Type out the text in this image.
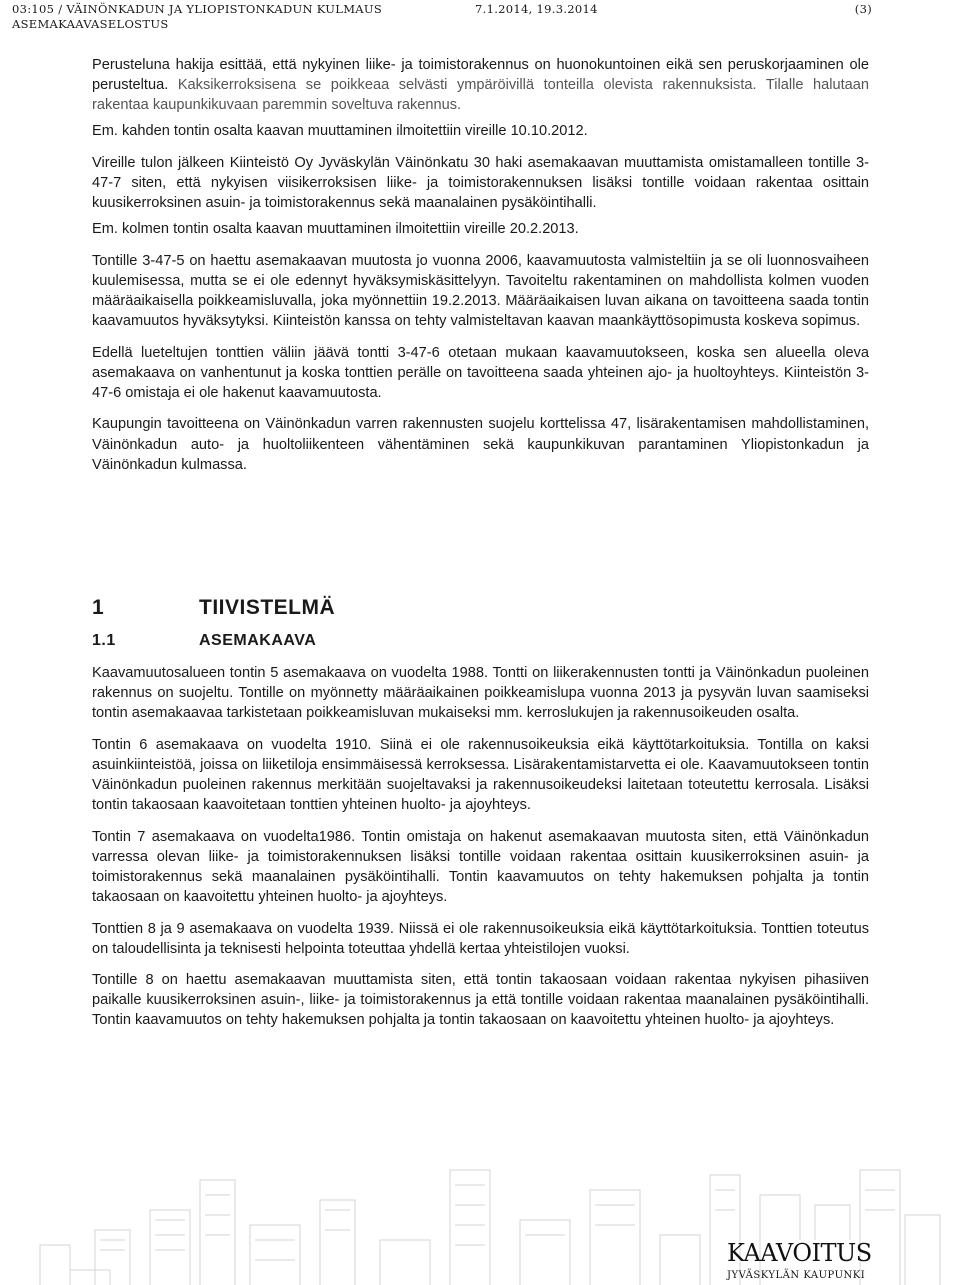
03:105 / VÄINÖNKADUN JA YLIOPISTONKADUN KULMAUS	7.1.2014, 19.3.2014	(3)
ASEMAKAAVASELOSTUS

Perusteluna hakija esittää, että nykyinen liike- ja toimistorakennus on huonokuntoinen eikä sen peruskorjaaminen ole perusteltua. Kaksikerroksisena se poikkeaa selvästi ympäröivillä tonteilla olevista rakennuksista. Tilalle halutaan rakentaa kaupunkikuvaan paremmin soveltuva rakennus.

Em. kahden tontin osalta kaavan muuttaminen ilmoitettiin vireille 10.10.2012.

Vireille tulon jälkeen Kiinteistö Oy Jyväskylän Väinönkatu 30 haki asemakaavan muuttamista omistamalleen tontille 3-47-7 siten, että nykyisen viisikerroksisen liike- ja toimistorakennuksen lisäksi tontille voidaan rakentaa osittain kuusikerroksinen asuin- ja toimistorakennus sekä maanalainen pysäköintihalli.

Em. kolmen tontin osalta kaavan muuttaminen ilmoitettiin vireille 20.2.2013.

Tontille 3-47-5 on haettu asemakaavan muutosta jo vuonna 2006, kaavamuutosta valmisteltiin ja se oli luonnosvaiheen kuulemisessa, mutta se ei ole edennyt hyväksymiskäsittelyyn. Tavoiteltu rakentaminen on mahdollista kolmen vuoden määräaikaisella poikkeamisluvalla, joka myönnettiin 19.2.2013. Määräaikaisen luvan aikana on tavoitteena saada tontin kaavamuutos hyväksytyksi. Kiinteistön kanssa on tehty valmisteltavan kaavan maankäyttösopimusta koskeva sopimus.

Edellä lueteltujen tonttien väliin jäävä tontti 3-47-6 otetaan mukaan kaavamuutokseen, koska sen alueella oleva asemakaava on vanhentunut ja koska tonttien perälle on tavoitteena saada yhteinen ajo- ja huoltoyhteys. Kiinteistön 3-47-6 omistaja ei ole hakenut kaavamuutosta.

Kaupungin tavoitteena on Väinönkadun varren rakennusten suojelu korttelissa 47, lisärakentamisen mahdollistaminen, Väinönkadun auto- ja huoltoliikenteen vähentäminen sekä kaupunkikuvan parantaminen Yliopistonkadun ja Väinönkadun kulmassa.

1	TIIVISTELMÄ
1.1	ASEMAKAAVA

Kaavamuutosalueen tontin 5 asemakaava on vuodelta 1988. Tontti on liikerakennusten tontti ja Väinönkadun puoleinen rakennus on suojeltu. Tontille on myönnetty määräaikainen poikkeamislupa vuonna 2013 ja pysyvän luvan saamiseksi tontin asemakaavaa tarkistetaan poikkeamisluvan mukaiseksi mm. kerroslukujen ja rakennusoikeuden osalta.

Tontin 6 asemakaava on vuodelta 1910. Siinä ei ole rakennusoikeuksia eikä käyttötarkoituksia. Tontilla on kaksi asuinkiinteistöä, joissa on liiketiloja ensimmäisessä kerroksessa. Lisärakentamistarvetta ei ole. Kaavamuutokseen tontin Väinönkadun puoleinen rakennus merkitään suojeltavaksi ja rakennusoikeudeksi laitetaan toteutettu kerrosala. Lisäksi tontin takaosaan kaavoitetaan tonttien yhteinen huolto- ja ajoyhteys.

Tontin 7 asemakaava on vuodelta1986. Tontin omistaja on hakenut asemakaavan muutosta siten, että Väinönkadun varressa olevan liike- ja toimistorakennuksen lisäksi tontille voidaan rakentaa osittain kuusikerroksinen asuin- ja toimistorakennus sekä maanalainen pysäköintihalli. Tontin kaavamuutos on tehty hakemuksen pohjalta ja tontin takaosaan on kaavoitettu yhteinen huolto- ja ajoyhteys.

Tonttien 8 ja 9 asemakaava on vuodelta 1939. Niissä ei ole rakennusoikeuksia eikä käyttötarkoituksia. Tonttien toteutus on taloudellisinta ja teknisesti helpointa toteuttaa yhdellä kertaa yhteistilojen vuoksi.

Tontille 8 on haettu asemakaavan muuttamista siten, että tontin takaosaan voidaan rakentaa nykyisen pihasiiven paikalle kuusikerroksinen asuin-, liike- ja toimistorakennus ja että tontille voidaan rakentaa maanalainen pysäköintihalli. Tontin kaavamuutos on tehty hakemuksen pohjalta ja tontin takaosaan on kaavoitettu yhteinen huolto- ja ajoyhteys.

KAAVOITUS
JYVÄSKYLÄN KAUPUNKI
